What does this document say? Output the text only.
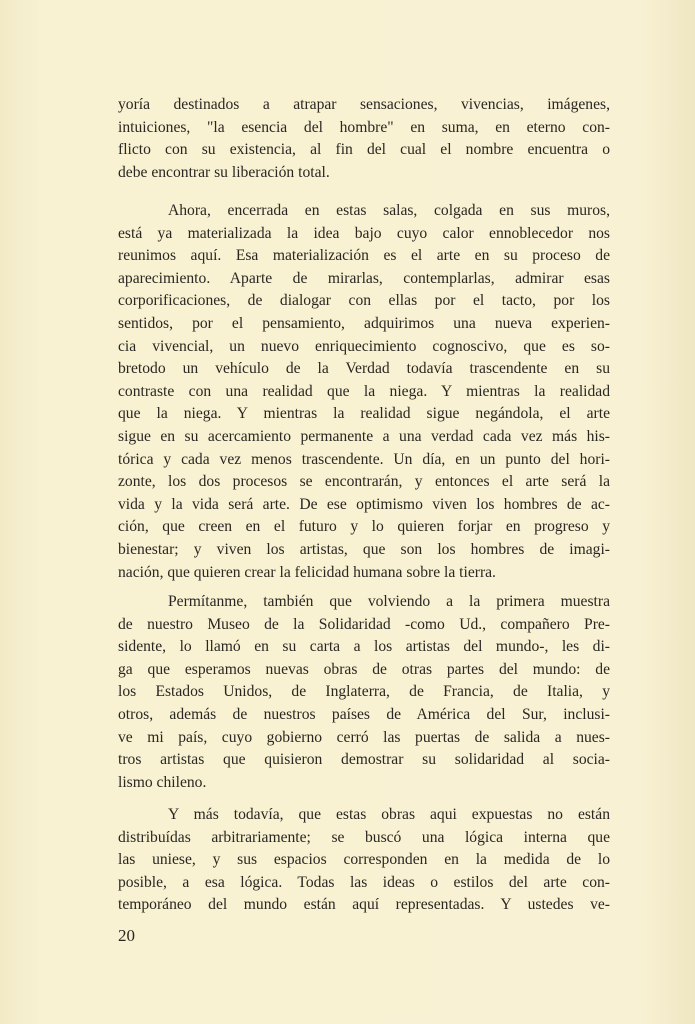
yoría destinados a atrapar sensaciones, vivencias, imágenes,
intuiciones, "la esencia del hombre" en suma, en eterno con-
flicto con su existencia, al fin del cual el nombre encuentra o
debe encontrar su liberación total.
Ahora, encerrada en estas salas, colgada en sus muros,
está ya materializada la idea bajo cuyo calor ennoblecedor nos
reunimos aquí. Esa materialización es el arte en su proceso de
aparecimiento. Aparte de mirarlas, contemplarlas, admirar esas
corporificaciones, de dialogar con ellas por el tacto, por los
sentidos, por el pensamiento, adquirimos una nueva experien-
cia vivencial, un nuevo enriquecimiento cognoscivo, que es so-
bretodo un vehículo de la Verdad todavía trascendente en su
contraste con una realidad que la niega. Y mientras la realidad
que la niega. Y mientras la realidad sigue negándola, el arte
sigue en su acercamiento permanente a una verdad cada vez más his-
tórica y cada vez menos trascendente. Un día, en un punto del hori-
zonte, los dos procesos se encontrarán, y entonces el arte será la
vida y la vida será arte. De ese optimismo viven los hombres de ac-
ción, que creen en el futuro y lo quieren forjar en progreso y
bienestar; y viven los artistas, que son los hombres de imagi-
nación, que quieren crear la felicidad humana sobre la tierra.
Permítanme, también que volviendo a la primera muestra
de nuestro Museo de la Solidaridad -como Ud., compañero Pre-
sidente, lo llamó en su carta a los artistas del mundo-, les di-
ga que esperamos nuevas obras de otras partes del mundo: de
los Estados Unidos, de Inglaterra, de Francia, de Italia, y
otros, además de nuestros países de América del Sur, inclusi-
ve mi país, cuyo gobierno cerró las puertas de salida a nues-
tros artistas que quisieron demostrar su solidaridad al socia-
lismo chileno.
Y más todavía, que estas obras aqui expuestas no están
distribuídas arbitrariamente; se buscó una lógica interna que
las uniese, y sus espacios corresponden en la medida de lo
posible, a esa lógica. Todas las ideas o estilos del arte con-
temporáneo del mundo están aquí representadas. Y ustedes ve-
20
